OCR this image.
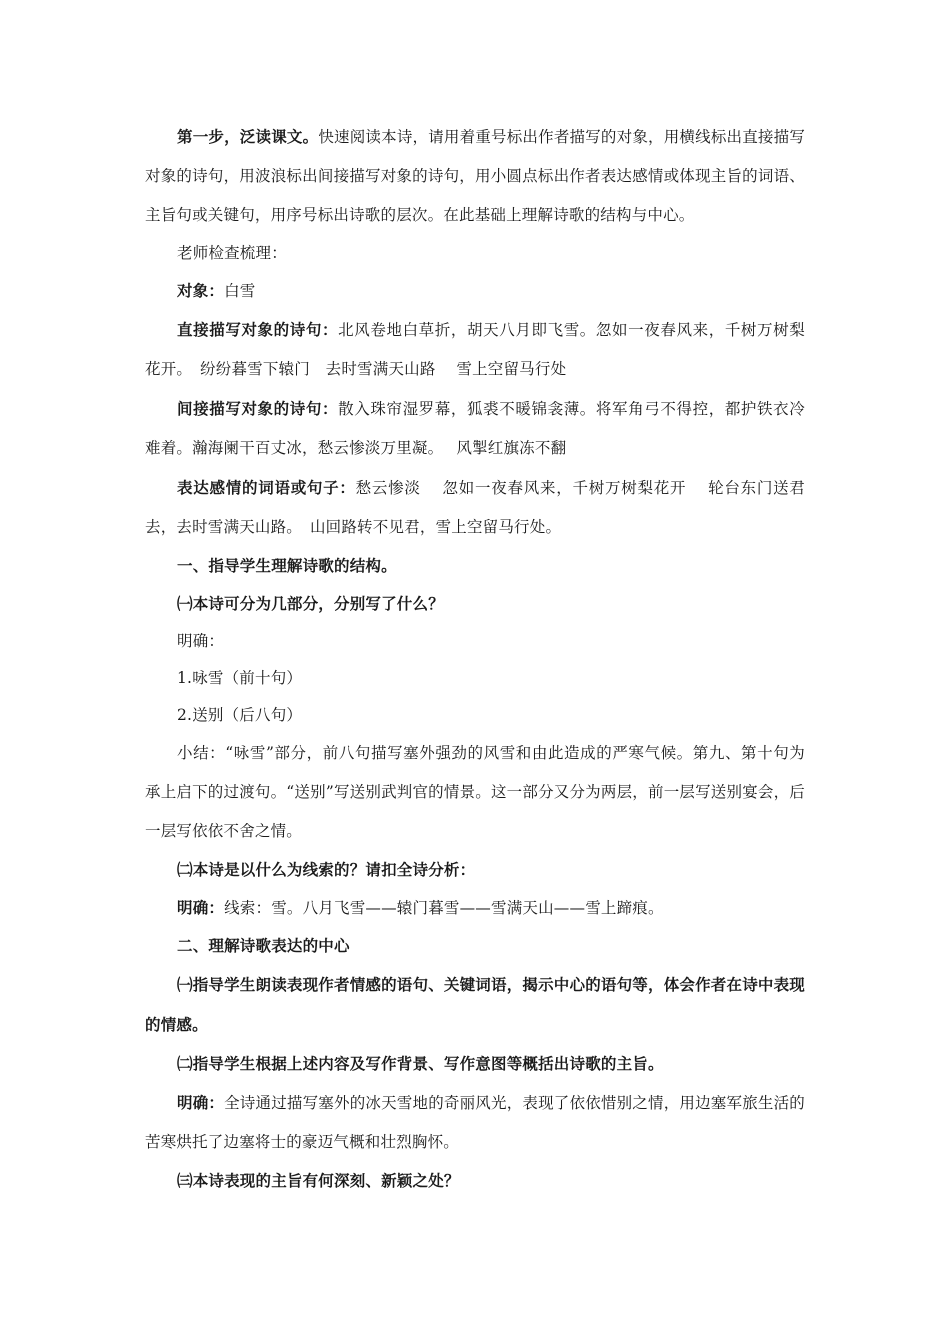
第一步，泛读课文。快速阅读本诗，请用着重号标出作者描写的对象，用横线标出直接描写对象的诗句，用波浪标出间接描写对象的诗句，用小圆点标出作者表达感情或体现主旨的词语、主旨句或关键句，用序号标出诗歌的层次。在此基础上理解诗歌的结构与中心。

老师检查梳理：

对象：白雪

直接描写对象的诗句：北风卷地白草折，胡天八月即飞雪。忽如一夜春风来，千树万树梨花开。　纷纷暮雪下辕门　去时雪满天山路　 雪上空留马行处

间接描写对象的诗句：散入珠帘湿罗幕，狐裘不暖锦衾薄。将军角弓不得控，都护铁衣冷难着。瀚海阑干百丈冰，愁云惨淡万里凝。　 风掣红旗冻不翻

表达感情的词语或句子：愁云惨淡　 忽如一夜春风来，千树万树梨花开　 轮台东门送君去，去时雪满天山路。　山回路转不见君，雪上空留马行处。

一、指导学生理解诗歌的结构。

㈠本诗可分为几部分，分别写了什么？

明确：

1.咏雪（前十句）

2.送别（后八句）

小结：“咏雪”部分，前八句描写塞外强劲的风雪和由此造成的严寒气候。第九、第十句为承上启下的过渡句。“送别”写送别武判官的情景。这一部分又分为两层，前一层写送别宴会，后一层写依依不舍之情。

㈡本诗是以什么为线索的？请扣全诗分析：

明确：线索：雪。八月飞雪——辕门暮雪——雪满天山——雪上蹄痕。

二、理解诗歌表达的中心

㈠指导学生朗读表现作者情感的语句、关键词语，揭示中心的语句等，体会作者在诗中表现的情感。

㈡指导学生根据上述内容及写作背景、写作意图等概括出诗歌的主旨。

明确：全诗通过描写塞外的冰天雪地的奇丽风光，表现了依依惜别之情，用边塞军旅生活的苦寒烘托了边塞将士的豪迈气概和壮烈胸怀。

㈢本诗表现的主旨有何深刻、新颖之处？
